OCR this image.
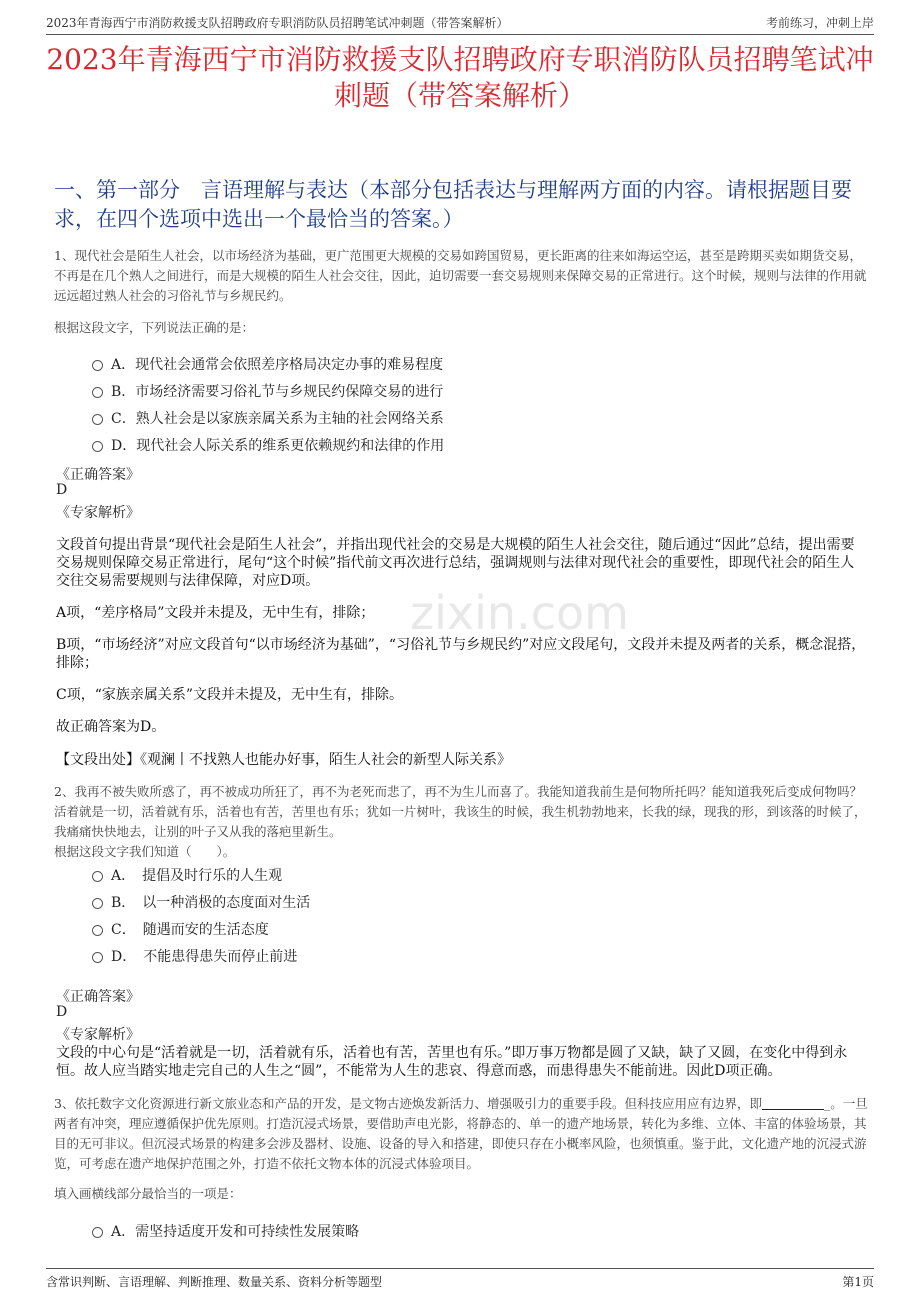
2023年青海西宁市消防救援支队招聘政府专职消防队员招聘笔试冲刺题（带答案解析）	考前练习，冲刺上岸
2023年青海西宁市消防救援支队招聘政府专职消防队员招聘笔试冲刺题（带答案解析）
一、第一部分　言语理解与表达（本部分包括表达与理解两方面的内容。请根据题目要求，在四个选项中选出一个最恰当的答案。）
zixin.com
1、现代社会是陌生人社会，以市场经济为基础，更广范围更大规模的交易如跨国贸易，更长距离的往来如海运空运，甚至是跨期买卖如期货交易，不再是在几个熟人之间进行，而是大规模的陌生人社会交往，因此，迫切需要一套交易规则来保障交易的正常进行。这个时候，规则与法律的作用就远远超过熟人社会的习俗礼节与乡规民约。
根据这段文字，下列说法正确的是：
A．现代社会通常会依照差序格局决定办事的难易程度
B．市场经济需要习俗礼节与乡规民约保障交易的进行
C．熟人社会是以家族亲属关系为主轴的社会网络关系
D．现代社会人际关系的维系更依赖规约和法律的作用
《正确答案》
D
《专家解析》
文段首句提出背景“现代社会是陌生人社会”，并指出现代社会的交易是大规模的陌生人社会交往，随后通过“因此”总结，提出需要交易规则保障交易正常进行，尾句“这个时候”指代前文再次进行总结，强调规则与法律对现代社会的重要性，即现代社会的陌生人交往交易需要规则与法律保障，对应D项。
A项，“差序格局”文段并未提及，无中生有，排除；
B项，“市场经济”对应文段首句“以市场经济为基础”，“习俗礼节与乡规民约”对应文段尾句，文段并未提及两者的关系，概念混搭，排除；
C项，“家族亲属关系”文段并未提及，无中生有，排除。
故正确答案为D。
【文段出处】《观澜丨不找熟人也能办好事，陌生人社会的新型人际关系》
2、我再不被失败所惑了，再不被成功所狂了，再不为老死而悲了，再不为生儿而喜了。我能知道我前生是何物所托吗？能知道我死后变成何物吗？活着就是一切，活着就有乐，活着也有苦，苦里也有乐；犹如一片树叶，我该生的时候，我生机勃勃地来，长我的绿，现我的形，到该落的时候了，我痛痛快快地去，让别的叶子又从我的落疤里新生。
根据这段文字我们知道（　　）。
A．　提倡及时行乐的人生观
B．　以一种消极的态度面对生活
C．　随遇而安的生活态度
D．　不能患得患失而停止前进
《正确答案》
D
《专家解析》
文段的中心句是“活着就是一切，活着就有乐，活着也有苦，苦里也有乐。”即万事万物都是圆了又缺，缺了又圆，在变化中得到永恒。故人应当踏实地走完自己的人生之“圆”，不能常为人生的悲哀、得意而惑，而患得患失不能前进。因此D项正确。
3、依托数字文化资源进行新文旅业态和产品的开发，是文物古迹焕发新活力、增强吸引力的重要手段。但科技应用应有边界，即	_。一旦两者有冲突，理应遵循保护优先原则。打造沉浸式场景，要借助声电光影，将静态的、单一的遗产地场景，转化为多维、立体、丰富的体验场景，其目的无可非议。但沉浸式场景的构建多会涉及器材、设施、设备的导入和搭建，即使只存在小概率风险，也须慎重。鉴于此，文化遗产地的沉浸式游览，可考虑在遗产地保护范围之外，打造不依托文物本体的沉浸式体验项目。
填入画横线部分最恰当的一项是：
A．需坚持适度开发和可持续性发展策略
含常识判断、言语理解、判断推理、数量关系、资料分析等题型	第1页
